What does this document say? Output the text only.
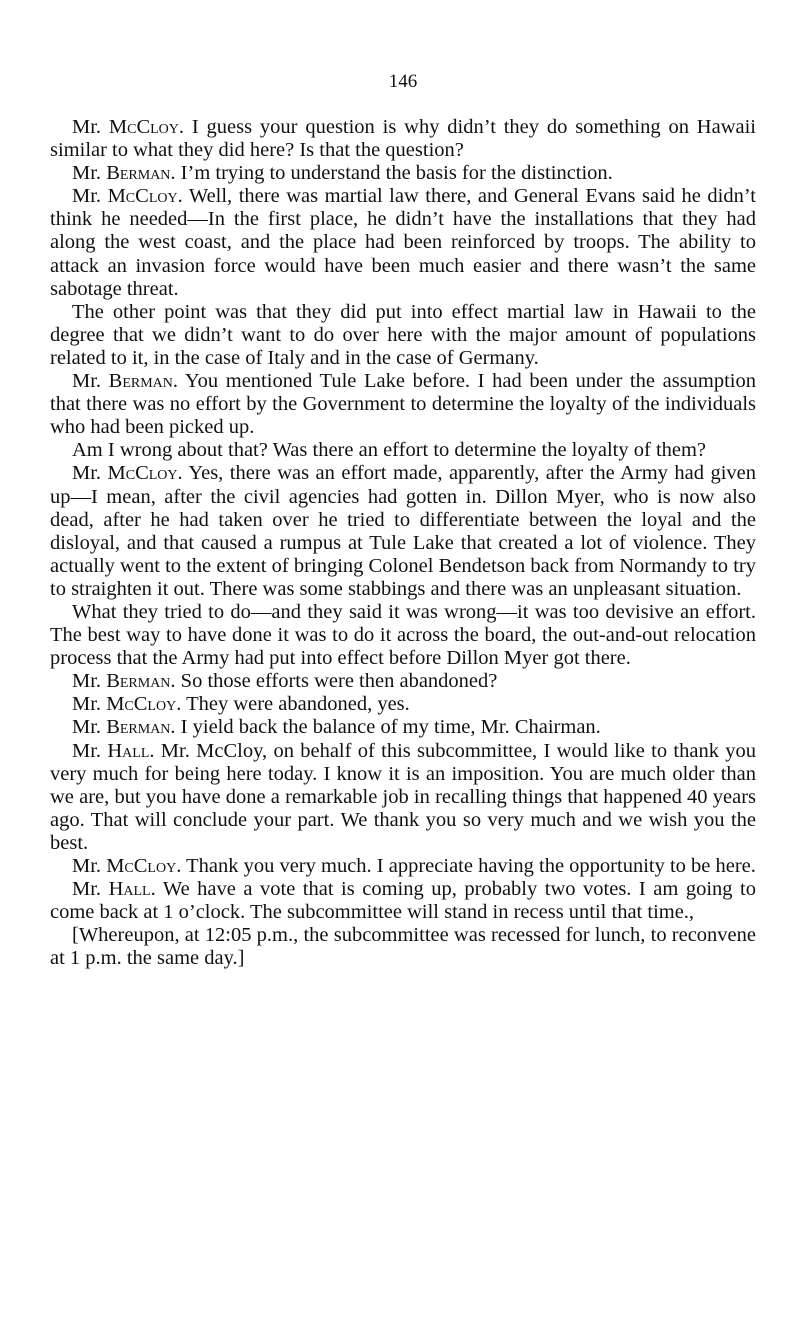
146

Mr. McCloy. I guess your question is why didn’t they do something on Hawaii similar to what they did here? Is that the question?

Mr. Berman. I’m trying to understand the basis for the distinction.

Mr. McCloy. Well, there was martial law there, and General Evans said he didn’t think he needed—In the first place, he didn’t have the installations that they had along the west coast, and the place had been reinforced by troops. The ability to attack an invasion force would have been much easier and there wasn’t the same sabotage threat.

The other point was that they did put into effect martial law in Hawaii to the degree that we didn’t want to do over here with the major amount of populations related to it, in the case of Italy and in the case of Germany.

Mr. Berman. You mentioned Tule Lake before. I had been under the assumption that there was no effort by the Government to determine the loyalty of the individuals who had been picked up.

Am I wrong about that? Was there an effort to determine the loyalty of them?

Mr. McCloy. Yes, there was an effort made, apparently, after the Army had given up—I mean, after the civil agencies had gotten in. Dillon Myer, who is now also dead, after he had taken over he tried to differentiate between the loyal and the disloyal, and that caused a rumpus at Tule Lake that created a lot of violence. They actually went to the extent of bringing Colonel Bendetson back from Normandy to try to straighten it out. There was some stabbings and there was an unpleasant situation.

What they tried to do—and they said it was wrong—it was too devisive an effort. The best way to have done it was to do it across the board, the out-and-out relocation process that the Army had put into effect before Dillon Myer got there.

Mr. Berman. So those efforts were then abandoned?

Mr. McCloy. They were abandoned, yes.

Mr. Berman. I yield back the balance of my time, Mr. Chairman.

Mr. Hall. Mr. McCloy, on behalf of this subcommittee, I would like to thank you very much for being here today. I know it is an imposition. You are much older than we are, but you have done a remarkable job in recalling things that happened 40 years ago. That will conclude your part. We thank you so very much and we wish you the best.

Mr. McCloy. Thank you very much. I appreciate having the opportunity to be here.

Mr. Hall. We have a vote that is coming up, probably two votes. I am going to come back at 1 o’clock. The subcommittee will stand in recess until that time.,

[Whereupon, at 12:05 p.m., the subcommittee was recessed for lunch, to reconvene at 1 p.m. the same day.]
